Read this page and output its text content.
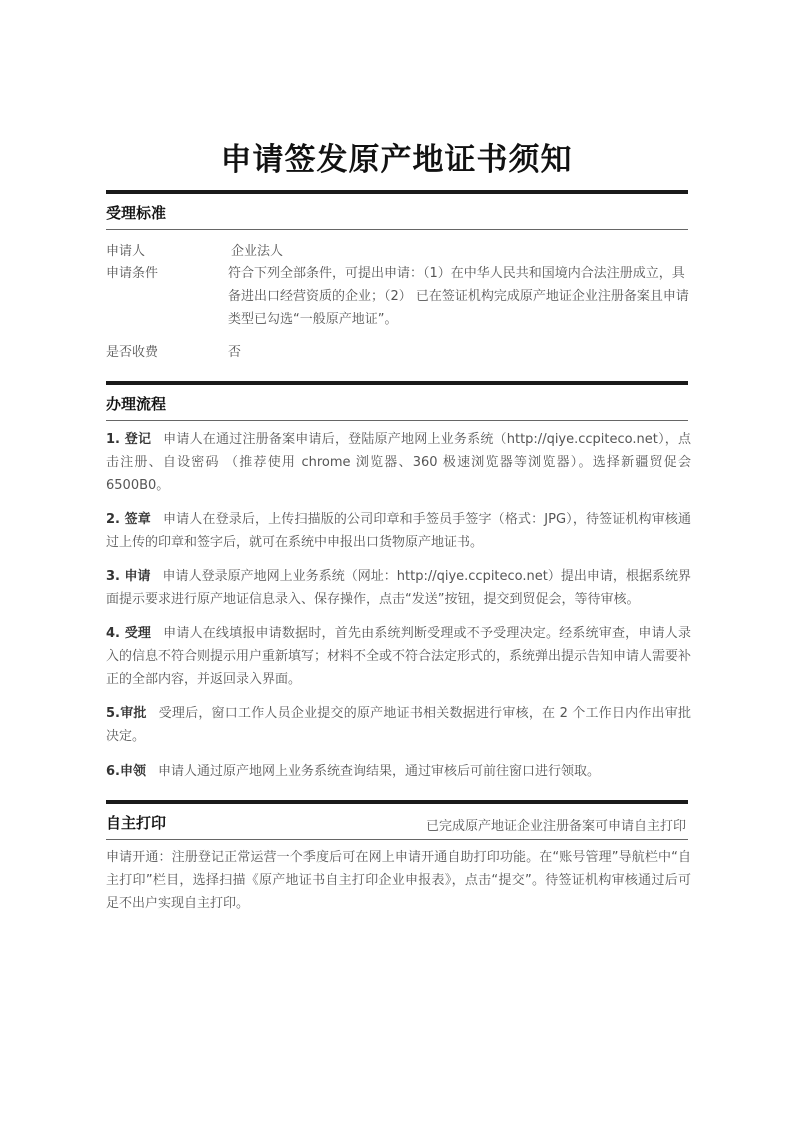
申请签发原产地证书须知
受理标准
申请人	企业法人
申请条件	符合下列全部条件，可提出申请：（1）在中华人民共和国境内合法注册成立，具备进出口经营资质的企业；（2） 已在签证机构完成原产地证企业注册备案且申请类型已勾选“一般原产地证”。
是否收费	否
办理流程
1. 登记 申请人在通过注册备案申请后，登陆原产地网上业务系统（http://qiye.ccpiteco.net），点击注册、自设密码 （推荐使用 chrome 浏览器、360 极速浏览器等浏览器）。选择新疆贸促会 6500B0。
2. 签章 申请人在登录后，上传扫描版的公司印章和手签员手签字（格式：JPG），待签证机构审核通过上传的印章和签字后，就可在系统中申报出口货物原产地证书。
3. 申请 申请人登录原产地网上业务系统（网址：http://qiye.ccpiteco.net）提出申请，根据系统界面提示要求进行原产地证信息录入、保存操作，点击“发送”按钮，提交到贸促会，等待审核。
4. 受理 申请人在线填报申请数据时，首先由系统判断受理或不予受理决定。经系统审查，申请人录入的信息不符合则提示用户重新填写；材料不全或不符合法定形式的，系统弹出提示告知申请人需要补正的全部内容，并返回录入界面。
5.审批 受理后，窗口工作人员企业提交的原产地证书相关数据进行审核，在 2 个工作日内作出审批决定。
6.申领 申请人通过原产地网上业务系统查询结果，通过审核后可前往窗口进行领取。
自主打印	已完成原产地证企业注册备案可申请自主打印
申请开通：注册登记正常运营一个季度后可在网上申请开通自助打印功能。在“账号管理”导航栏中“自主打印”栏目，选择扫描《原产地证书自主打印企业申报表》，点击“提交”。待签证机构审核通过后可足不出户实现自主打印。
